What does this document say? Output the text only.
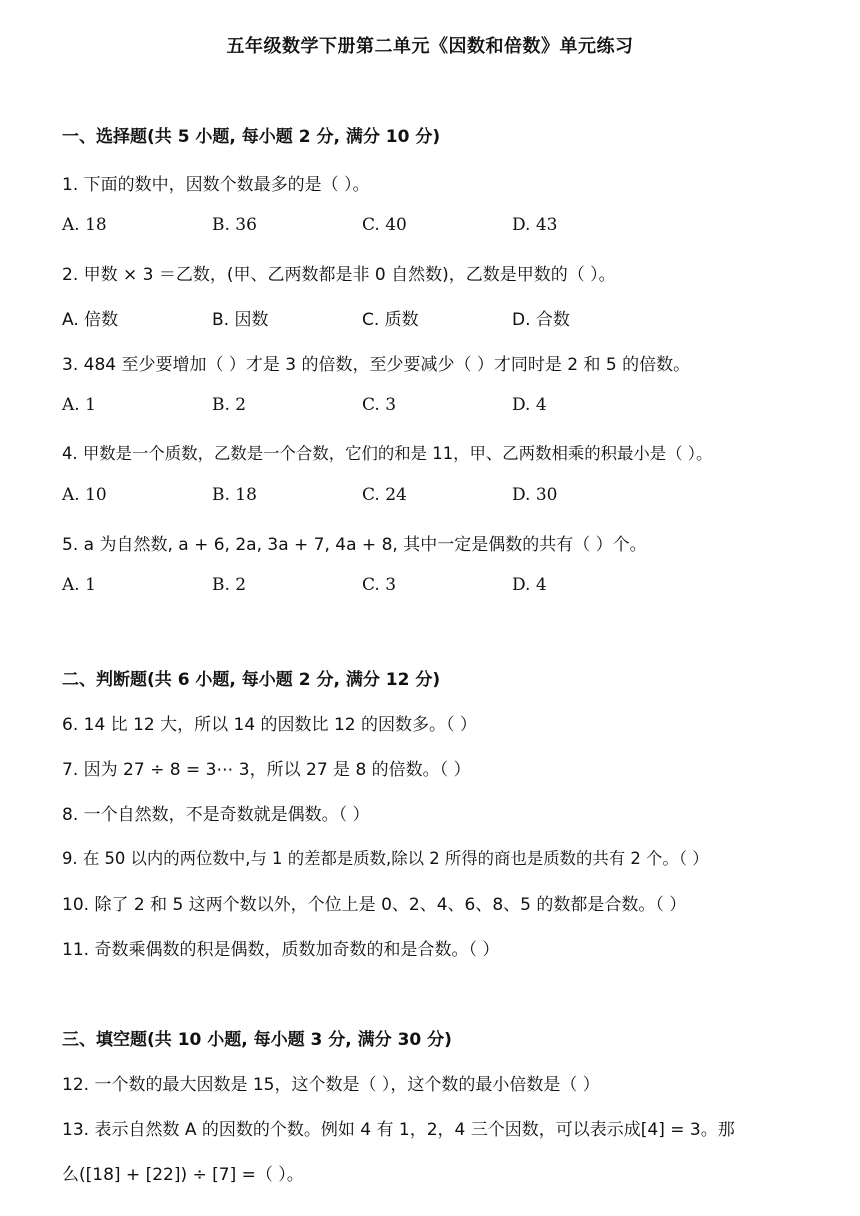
五年级数学下册第二单元《因数和倍数》单元练习
一、选择题(共 5 小题, 每小题 2 分, 满分 10 分)
1. 下面的数中，因数个数最多的是（ ）。
A. 18	B. 36	C. 40	D. 43
2. 甲数 × 3 ＝乙数，(甲、乙两数都是非 0 自然数)，乙数是甲数的（ ）。
A. 倍数	B. 因数	C. 质数	D. 合数
3. 484 至少要增加（ ）才是 3 的倍数，至少要减少（ ）才同时是 2 和 5 的倍数。
A. 1	B. 2	C. 3	D. 4
4. 甲数是一个质数，乙数是一个合数，它们的和是 11，甲、乙两数相乘的积最小是（ ）。
A. 10	B. 18	C. 24	D. 30
5. a 为自然数, a + 6, 2a, 3a + 7, 4a + 8, 其中一定是偶数的共有（ ）个。
A. 1	B. 2	C. 3	D. 4
二、判断题(共 6 小题, 每小题 2 分, 满分 12 分)
6. 14 比 12 大，所以 14 的因数比 12 的因数多。（ ）
7. 因为 27 ÷ 8 = 3⋯ 3，所以 27 是 8 的倍数。（ ）
8. 一个自然数，不是奇数就是偶数。（ ）
9. 在 50 以内的两位数中,与 1 的差都是质数,除以 2 所得的商也是质数的共有 2 个。（ ）
10. 除了 2 和 5 这两个数以外，个位上是 0、2、4、6、8、5 的数都是合数。（ ）
11. 奇数乘偶数的积是偶数，质数加奇数的和是合数。（ ）
三、填空题(共 10 小题, 每小题 3 分, 满分 30 分)
12. 一个数的最大因数是 15，这个数是（ ），这个数的最小倍数是（ ）
13. 表示自然数 A 的因数的个数。例如 4 有 1，2，4 三个因数，可以表示成[4] = 3。那
么([18] + [22]) ÷ [7] =（ ）。
